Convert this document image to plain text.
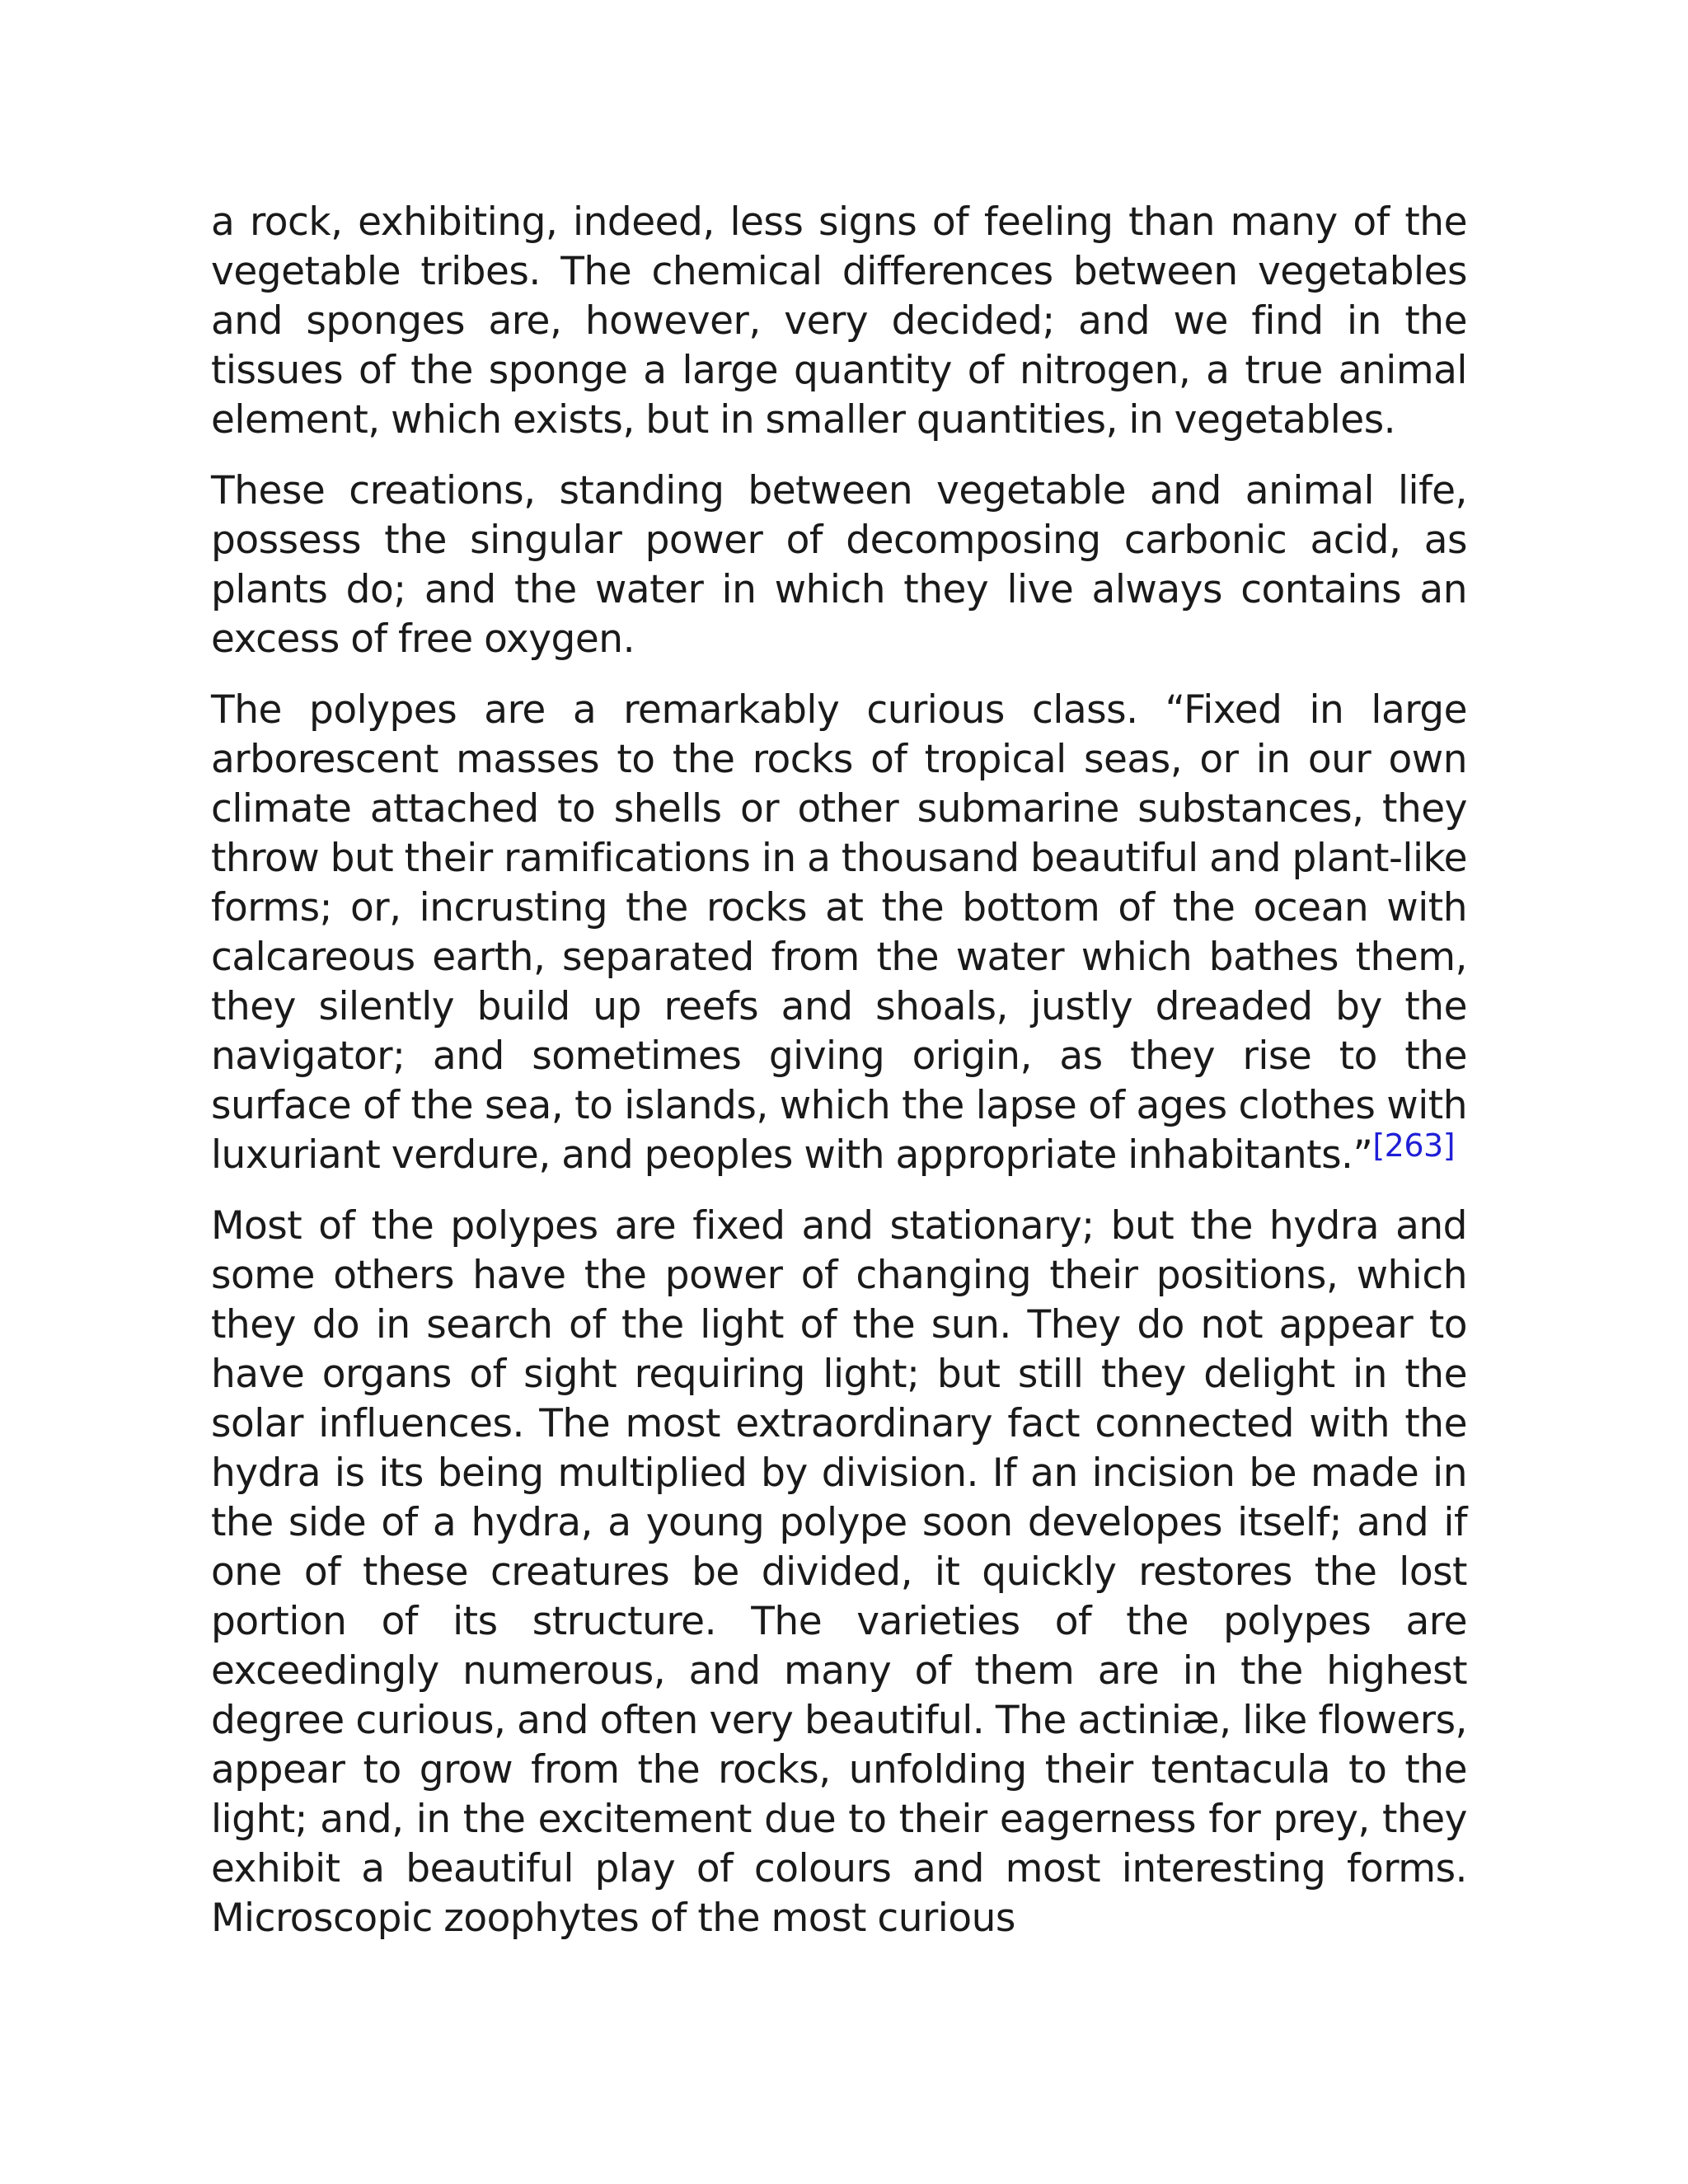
a rock, exhibiting, indeed, less signs of feeling than many of the vegetable tribes. The chemical differences between vegetables and sponges are, however, very decided; and we find in the tissues of the sponge a large quantity of nitrogen, a true animal element, which exists, but in smaller quantities, in vegetables.

These creations, standing between vegetable and animal life, possess the singular power of decomposing carbonic acid, as plants do; and the water in which they live always contains an excess of free oxygen.

The polypes are a remarkably curious class. “Fixed in large arborescent masses to the rocks of tropical seas, or in our own climate attached to shells or other submarine substances, they throw but their ramifications in a thousand beautiful and plant-like forms; or, incrusting the rocks at the bottom of the ocean with calcareous earth, separated from the water which bathes them, they silently build up reefs and shoals, justly dreaded by the navigator; and sometimes giving origin, as they rise to the surface of the sea, to islands, which the lapse of ages clothes with luxuriant verdure, and peoples with appropriate inhabitants.”[263]

Most of the polypes are fixed and stationary; but the hydra and some others have the power of changing their positions, which they do in search of the light of the sun. They do not appear to have organs of sight requiring light; but still they delight in the solar influences. The most extraordinary fact connected with the hydra is its being multiplied by division. If an incision be made in the side of a hydra, a young polype soon developes itself; and if one of these creatures be divided, it quickly restores the lost portion of its structure. The varieties of the polypes are exceedingly numerous, and many of them are in the highest degree curious, and often very beautiful. The actiniæ, like flowers, appear to grow from the rocks, unfolding their tentacula to the light; and, in the excitement due to their eagerness for prey, they exhibit a beautiful play of colours and most interesting forms. Microscopic zoophytes of the most curious
